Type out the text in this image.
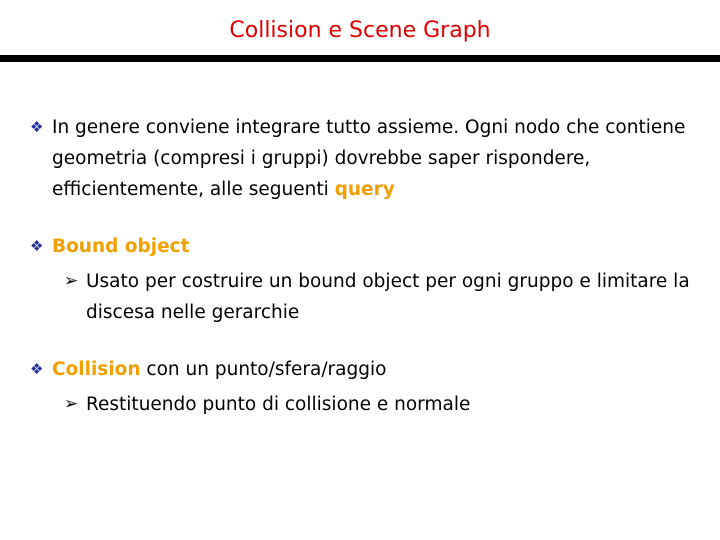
Collision e Scene Graph
❖ In genere conviene integrare tutto assieme. Ogni nodo che contiene geometria (compresi i gruppi) dovrebbe saper rispondere, efficientemente, alle seguenti query
❖ Bound object
➢ Usato per costruire un bound object per ogni gruppo e limitare la discesa nelle gerarchie
❖ Collision con un punto/sfera/raggio
➢ Restituendo punto di collisione e normale
